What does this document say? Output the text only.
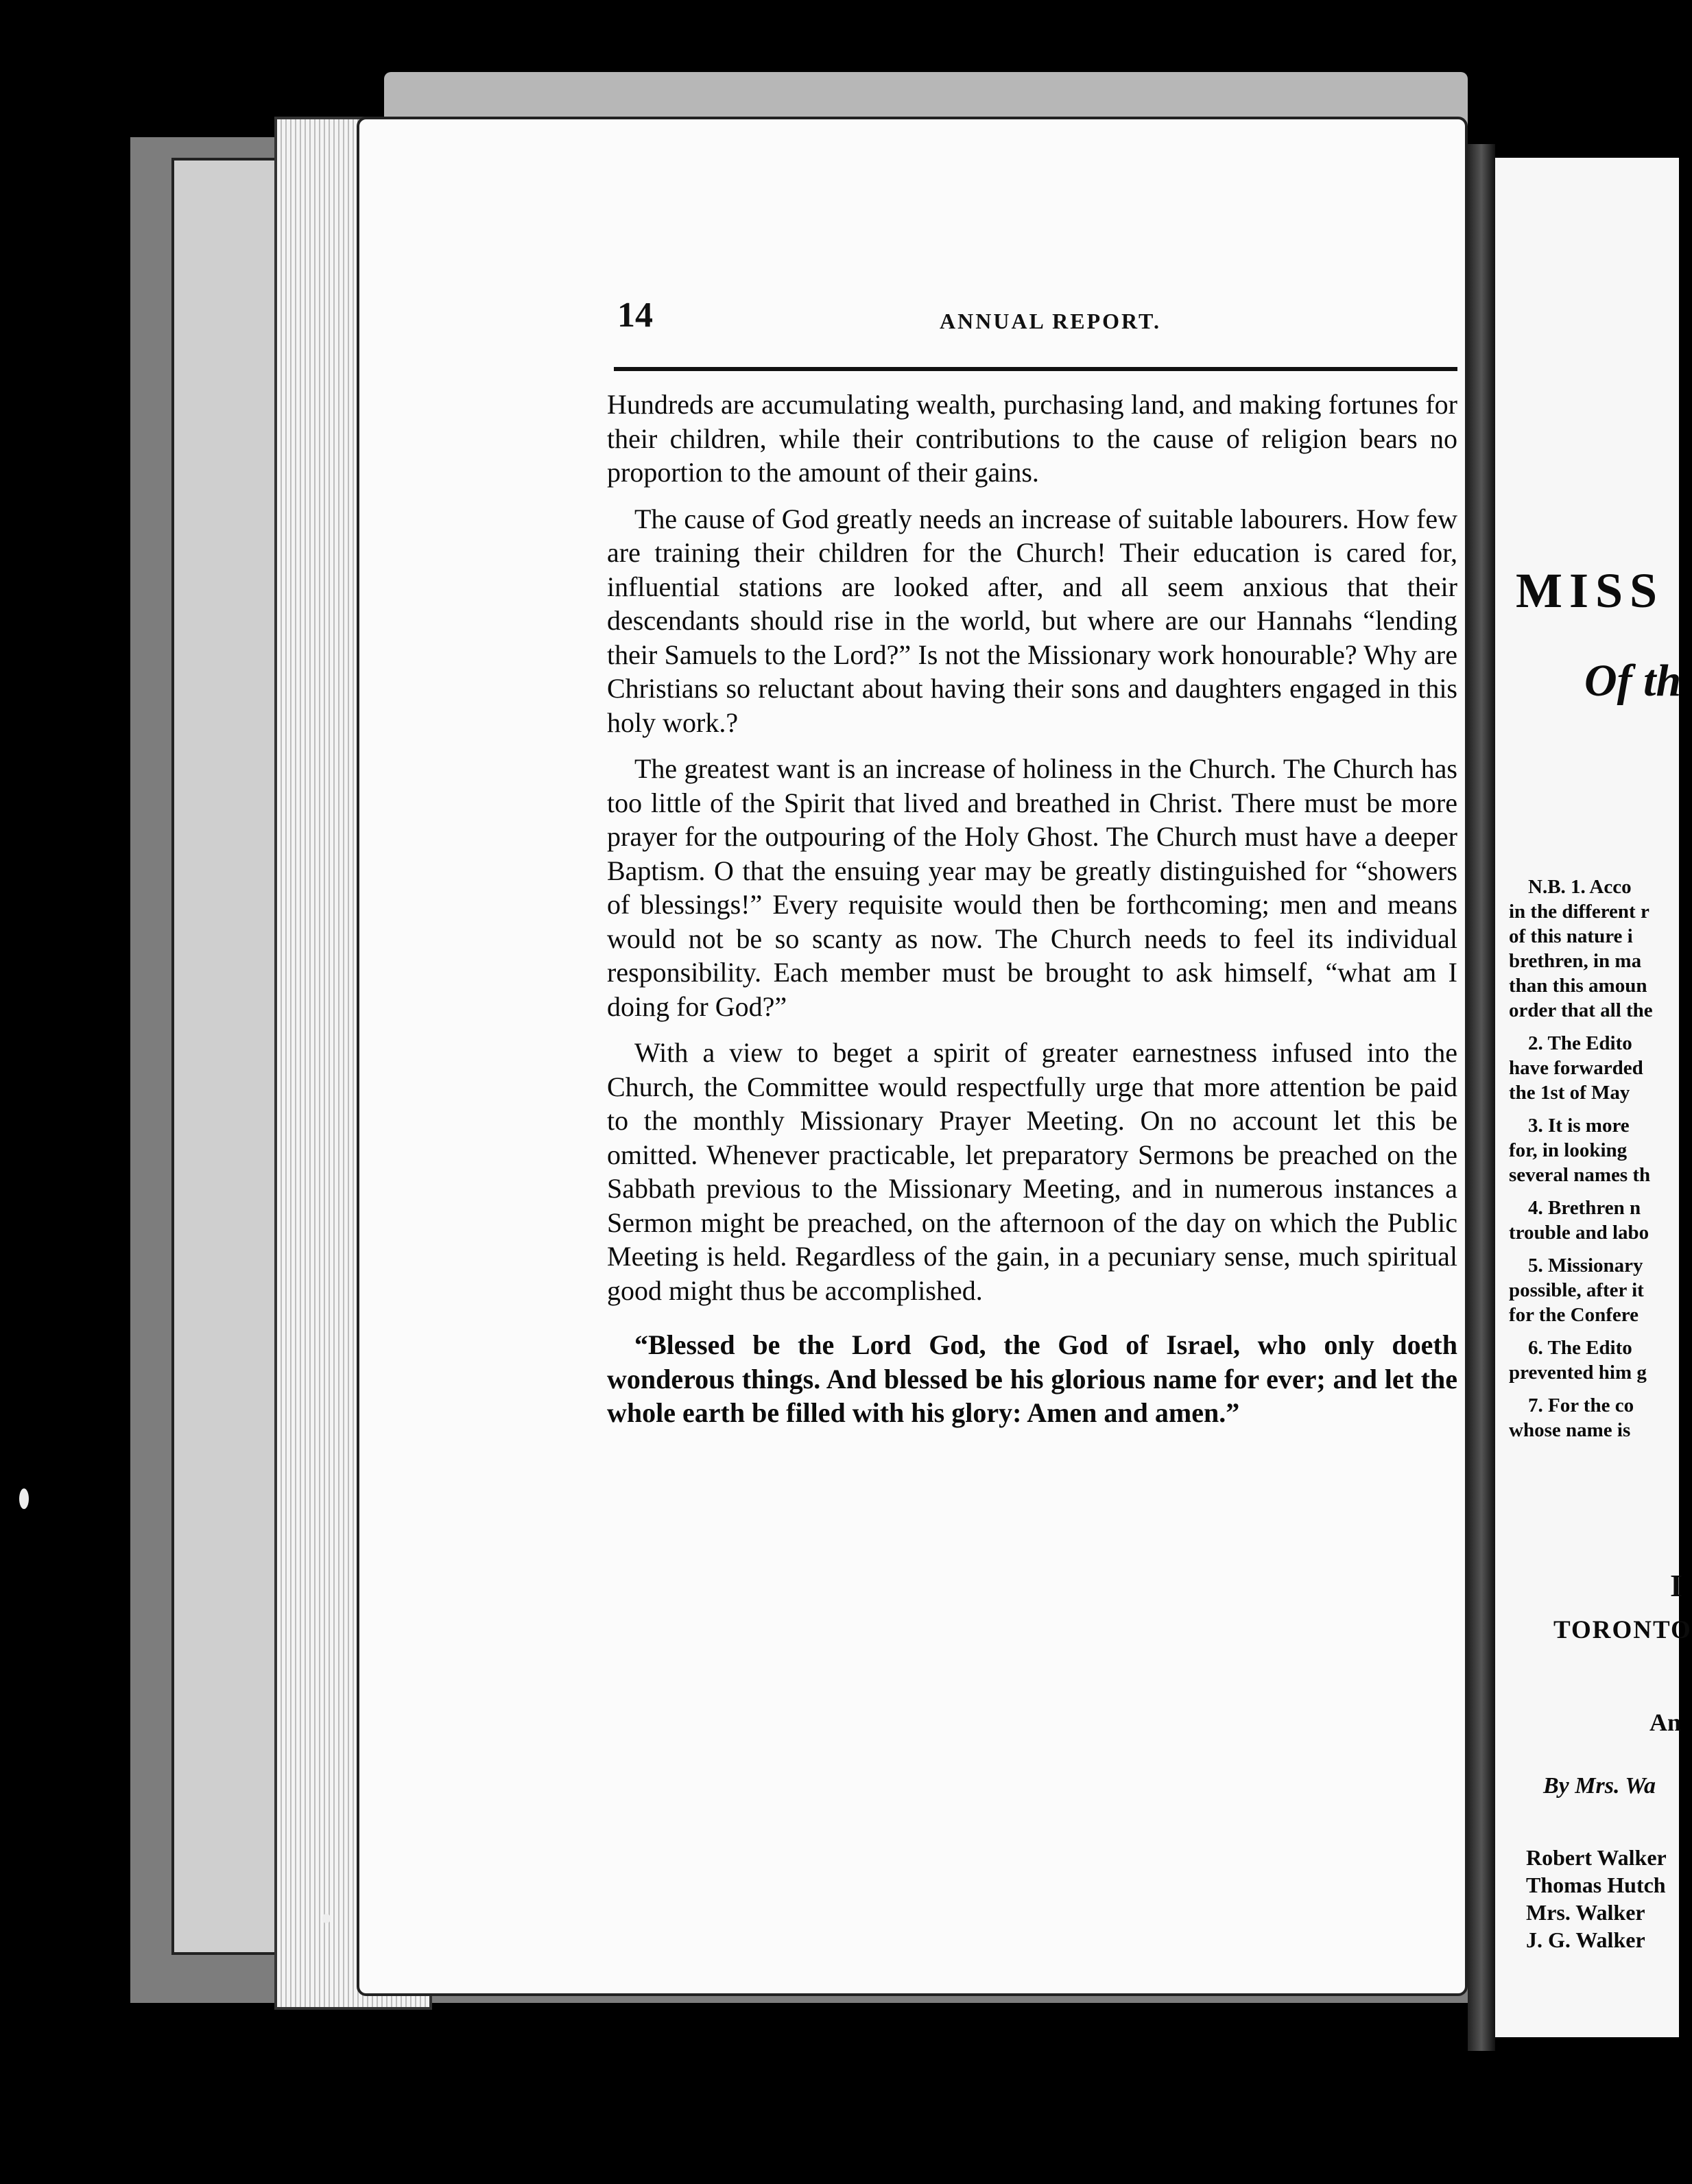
14	ANNUAL REPORT.

Hundreds are accumulating wealth, purchasing land, and making fortunes for their children, while their contributions to the cause of religion bears no proportion to the amount of their gains.

The cause of God greatly needs an increase of suitable labourers. How few are training their children for the Church! Their education is cared for, influential stations are looked after, and all seem anxious that their descendants should rise in the world, but where are our Hannahs “lending their Samuels to the Lord?” Is not the Missionary work honourable? Why are Christians so reluctant about having their sons and daughters engaged in this holy work.?

The greatest want is an increase of holiness in the Church. The Church has too little of the Spirit that lived and breathed in Christ. There must be more prayer for the outpouring of the Holy Ghost. The Church must have a deeper Baptism. O that the ensuing year may be greatly distinguished for “showers of blessings!” Every requisite would then be forthcoming; men and means would not be so scanty as now. The Church needs to feel its individual responsibility. Each member must be brought to ask himself, “what am I doing for God?”

With a view to beget a spirit of greater earnestness infused into the Church, the Committee would respectfully urge that more attention be paid to the monthly Missionary Prayer Meeting. On no account let this be omitted. Whenever practicable, let preparatory Sermons be preached on the Sabbath previous to the Missionary Meeting, and in numerous instances a Sermon might be preached, on the afternoon of the day on which the Public Meeting is held. Regardless of the gain, in a pecuniary sense, much spiritual good might thus be accomplished.

“Blessed be the Lord God, the God of Israel, who only doeth wonderous things. And blessed be his glorious name for ever; and let the whole earth be filled with his glory: Amen and amen.”

MISS
Of th
N.B. 1. Acco
in the different r
of this nature i
brethren, in ma
than this amoun
order that all the
2. The Edito
have forwarded
the 1st of May
3. It is more
for, in looking
several names th
4. Brethren n
trouble and labo
5. Missionary
possible, after it
for the Confere
6. The Edito
prevented him g
7. For the co
whose name is
I
TORONTO
An
By Mrs. Wa
Robert Walker
Thomas Hutch
Mrs. Walker
J. G. Walker
